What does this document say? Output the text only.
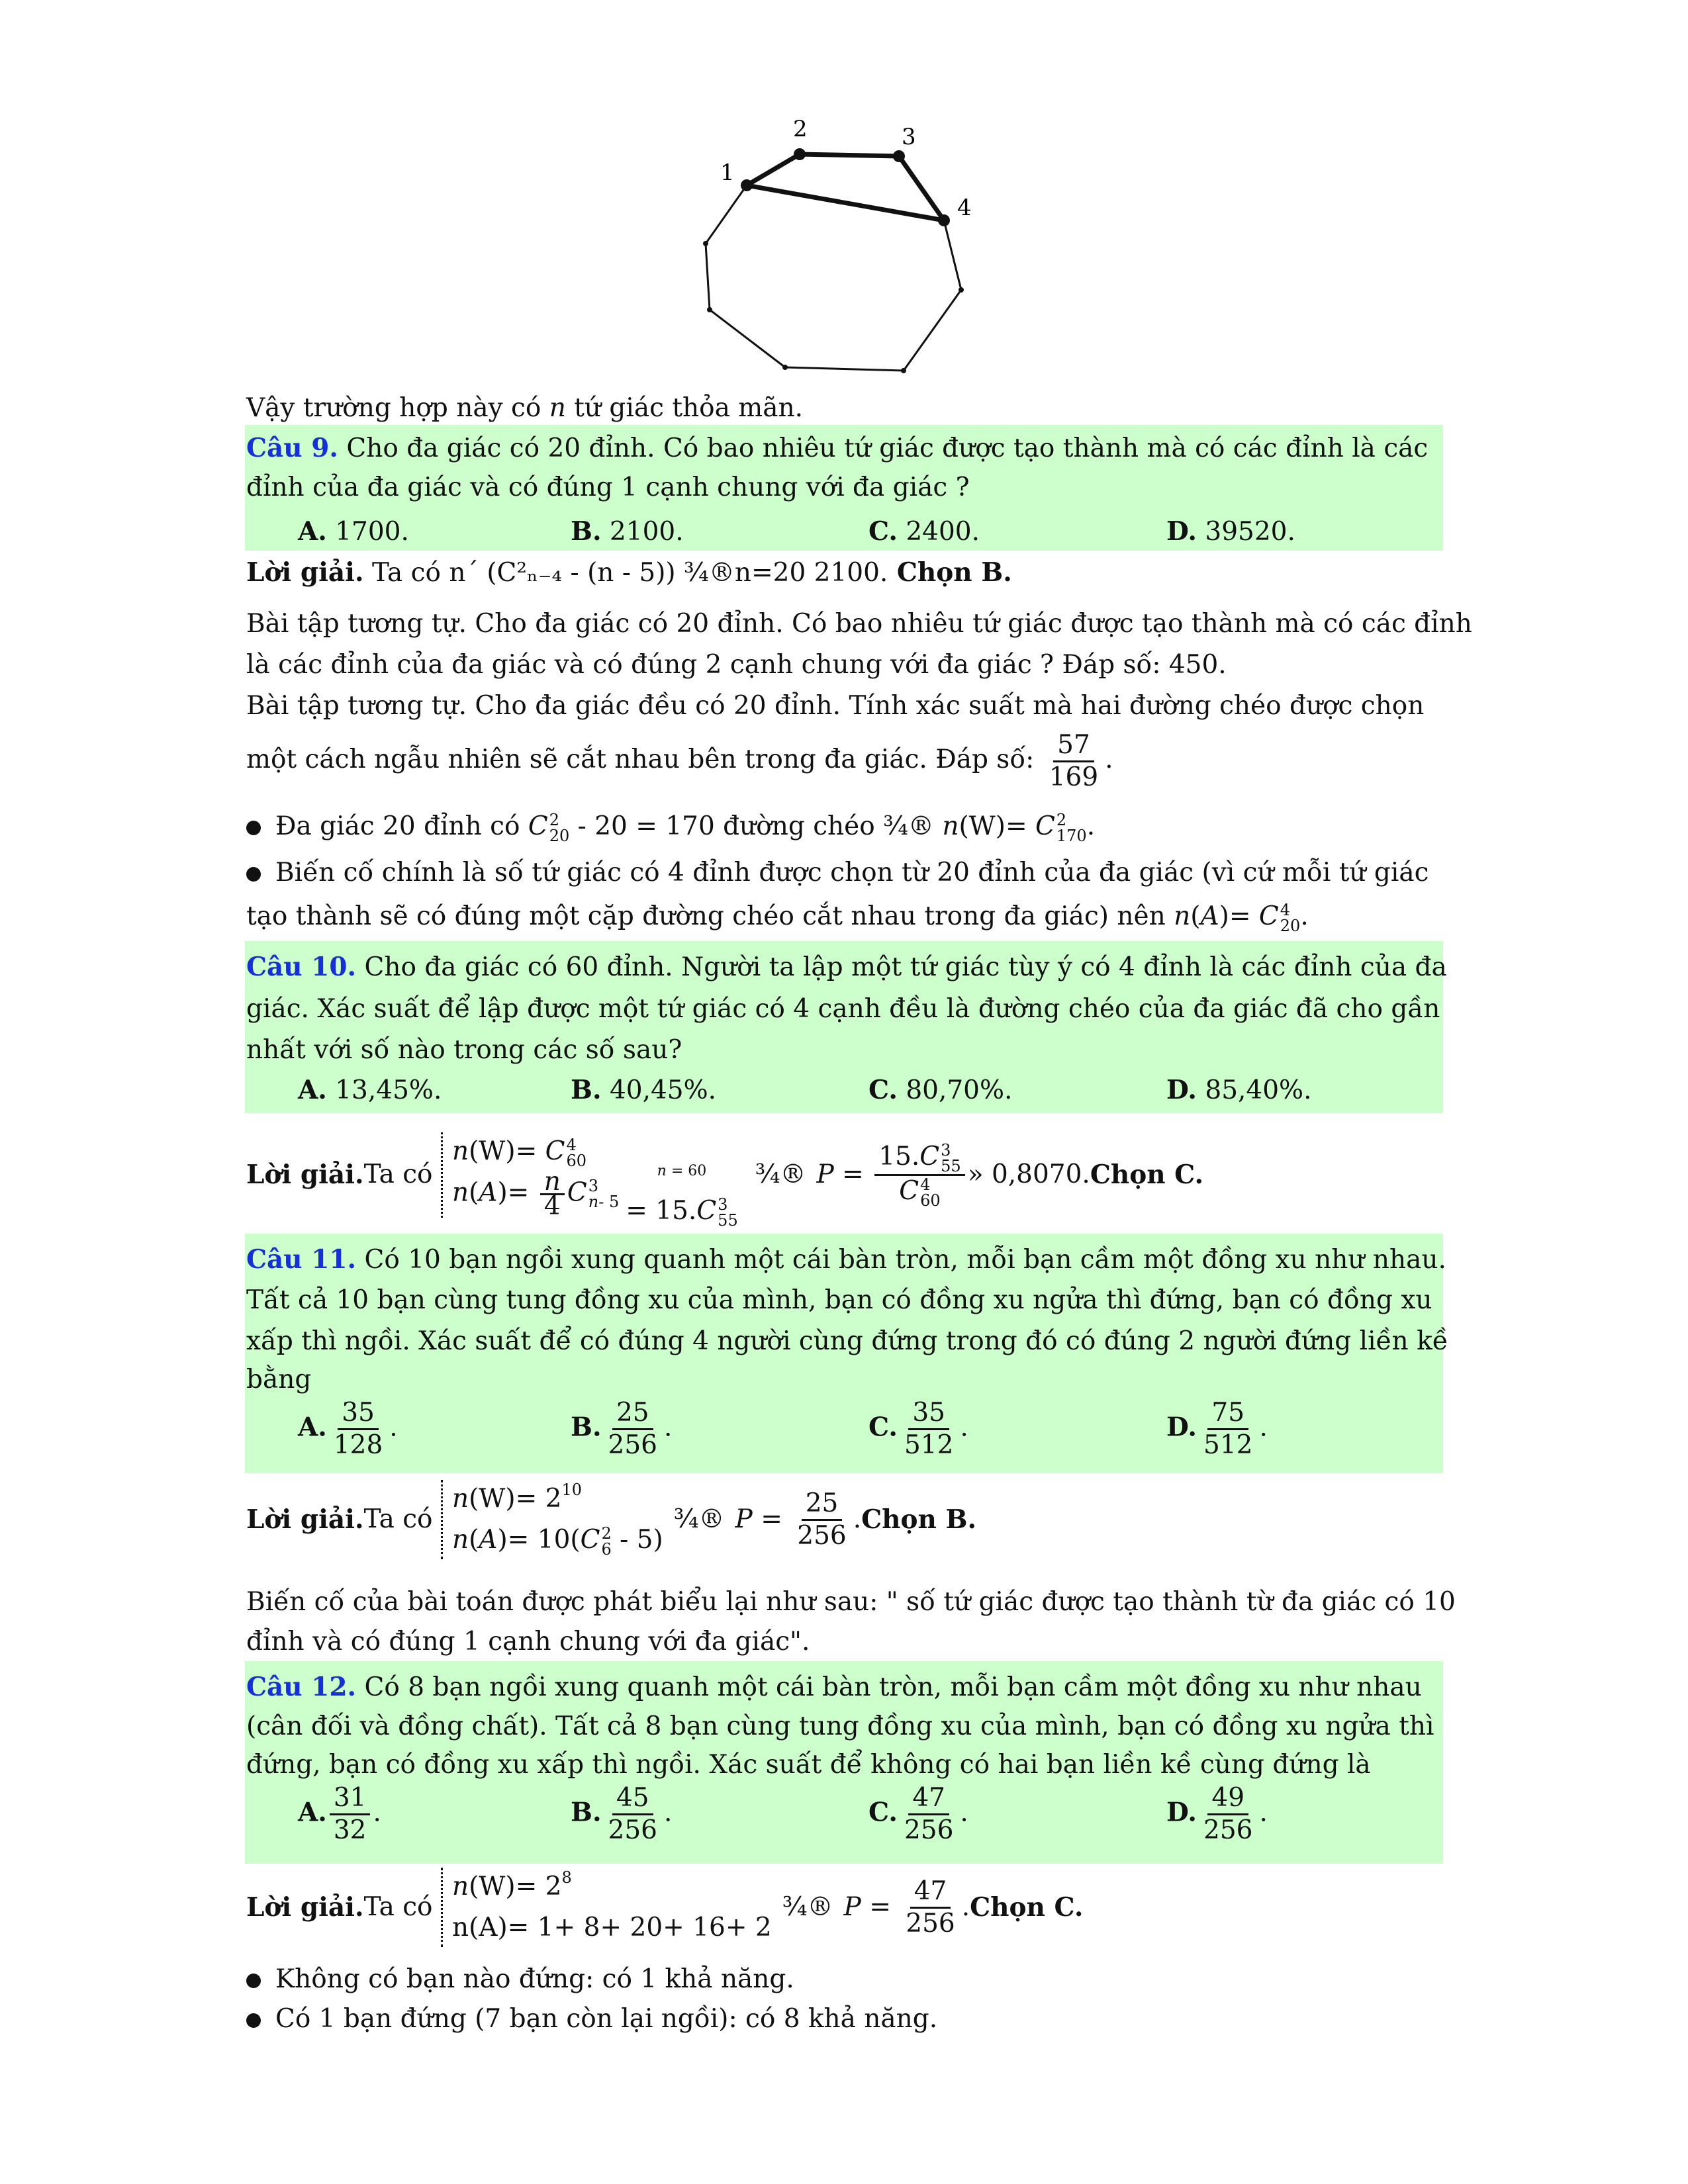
1
2	3
4
Vậy trường hợp này có n tứ giác thỏa mãn.
Câu 9. Cho đa giác có 20 đỉnh. Có bao nhiêu tứ giác được tạo thành mà có các đỉnh là các
đỉnh của đa giác và có đúng 1 cạnh chung với đa giác ?
A. 1700.	B. 2100.	C. 2400.	D. 39520.
Lời giải. Ta có n´ (C²ₙ₋₄ - (n - 5)) ¾®n=20 2100. Chọn B.
Bài tập tương tự. Cho đa giác có 20 đỉnh. Có bao nhiêu tứ giác được tạo thành mà có các đỉnh
là các đỉnh của đa giác và có đúng 2 cạnh chung với đa giác ? Đáp số: 450.
Bài tập tương tự. Cho đa giác đều có 20 đỉnh. Tính xác suất mà hai đường chéo được chọn
một cách ngẫu nhiên sẽ cắt nhau bên trong đa giác. Đáp số: $\frac{57}{169}$ .
Đa giác 20 đỉnh có C 2
20 - 20 = 170 đường chéo ¾® n(W)= C 2
170 .
Biến cố chính là số tứ giác có 4 đỉnh được chọn từ 20 đỉnh của đa giác (vì cứ mỗi tứ giác
tạo thành sẽ có đúng một cặp đường chéo cắt nhau trong đa giác) nên n(A)= C 4
20 .
Câu 10. Cho đa giác có 60 đỉnh. Người ta lập một tứ giác tùy ý có 4 đỉnh là các đỉnh của đa
giác. Xác suất để lập được một tứ giác có 4 cạnh đều là đường chéo của đa giác đã cho gần
nhất với số nào trong các số sau?
A. 13,45%.	B. 40,45%.	C. 80,70%.	D. 85,40%.
Lời giải. Ta có

n(W)= C 4
60
$n(A)= \frac{n}{4}$ C 3
n- 5
n = 60
= 15.C 3
55
¾® P = 15.C 3
55
C 4
60 » 0,8070. Chọn C.
Câu 11. Có 10 bạn ngồi xung quanh một cái bàn tròn, mỗi bạn cầm một đồng xu như nhau.
Tất cả 10 bạn cùng tung đồng xu của mình, bạn có đồng xu ngửa thì đứng, bạn có đồng xu
xấp thì ngồi. Xác suất để có đúng 4 người cùng đứng trong đó có đúng 2 người đứng liền kề
bằng
A. $\frac{35}{128}$ .	B. $\frac{25}{256}$ .	C. $\frac{35}{512}$ .	D. $\frac{75}{512}$ .
Lời giải. Ta có

$n(W)= 2^{10}$
n(A)= 10(C 2
6 - 5)
¾® $P = \frac{25}{256}$ . Chọn B.
Biến cố của bài toán được phát biểu lại như sau: " số tứ giác được tạo thành từ đa giác có 10
đỉnh và có đúng 1 cạnh chung với đa giác".
Câu 12. Có 8 bạn ngồi xung quanh một cái bàn tròn, mỗi bạn cầm một đồng xu như nhau
(cân đối và đồng chất). Tất cả 8 bạn cùng tung đồng xu của mình, bạn có đồng xu ngửa thì
đứng, bạn có đồng xu xấp thì ngồi. Xác suất để không có hai bạn liền kề cùng đứng là
A. $\frac{31}{32}$ .	B. $\frac{45}{256}$ .	C. $\frac{47}{256}$ .	D. $\frac{49}{256}$ .
Lời giải. Ta có

$n(W)= 2^8$
n(A)= 1+ 8+ 20+ 16+ 2
¾® $P = \frac{47}{256}$ . Chọn C.
Không có bạn nào đứng: có 1 khả năng.
Có 1 bạn đứng (7 bạn còn lại ngồi): có 8 khả năng.
